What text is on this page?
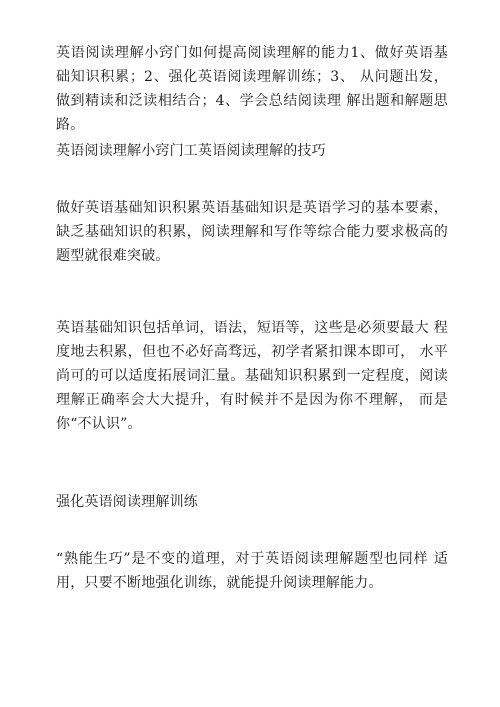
英语阅读理解小窍门如何提高阅读理解的能力1、做好英语基础知识积累；2、强化英语阅读理解训练；3、 从问题出发，做到精读和泛读相结合；4、学会总结阅读理 解出题和解题思路。

英语阅读理解小窍门工英语阅读理解的技巧

做好英语基础知识积累英语基础知识是英语学习的基本要素，缺乏基础知识的积累，阅读理解和写作等综合能力要求极高的题型就很难突破。

英语基础知识包括单词，语法，短语等，这些是必须要最大 程度地去积累，但也不必好高骛远，初学者紧扣课本即可， 水平尚可的可以适度拓展词汇量。基础知识积累到一定程度，阅读理解正确率会大大提升，有时候并不是因为你不理解， 而是你“不认识”。

强化英语阅读理解训练

“熟能生巧”是不变的道理，对于英语阅读理解题型也同样 适用，只要不断地强化训练，就能提升阅读理解能力。
